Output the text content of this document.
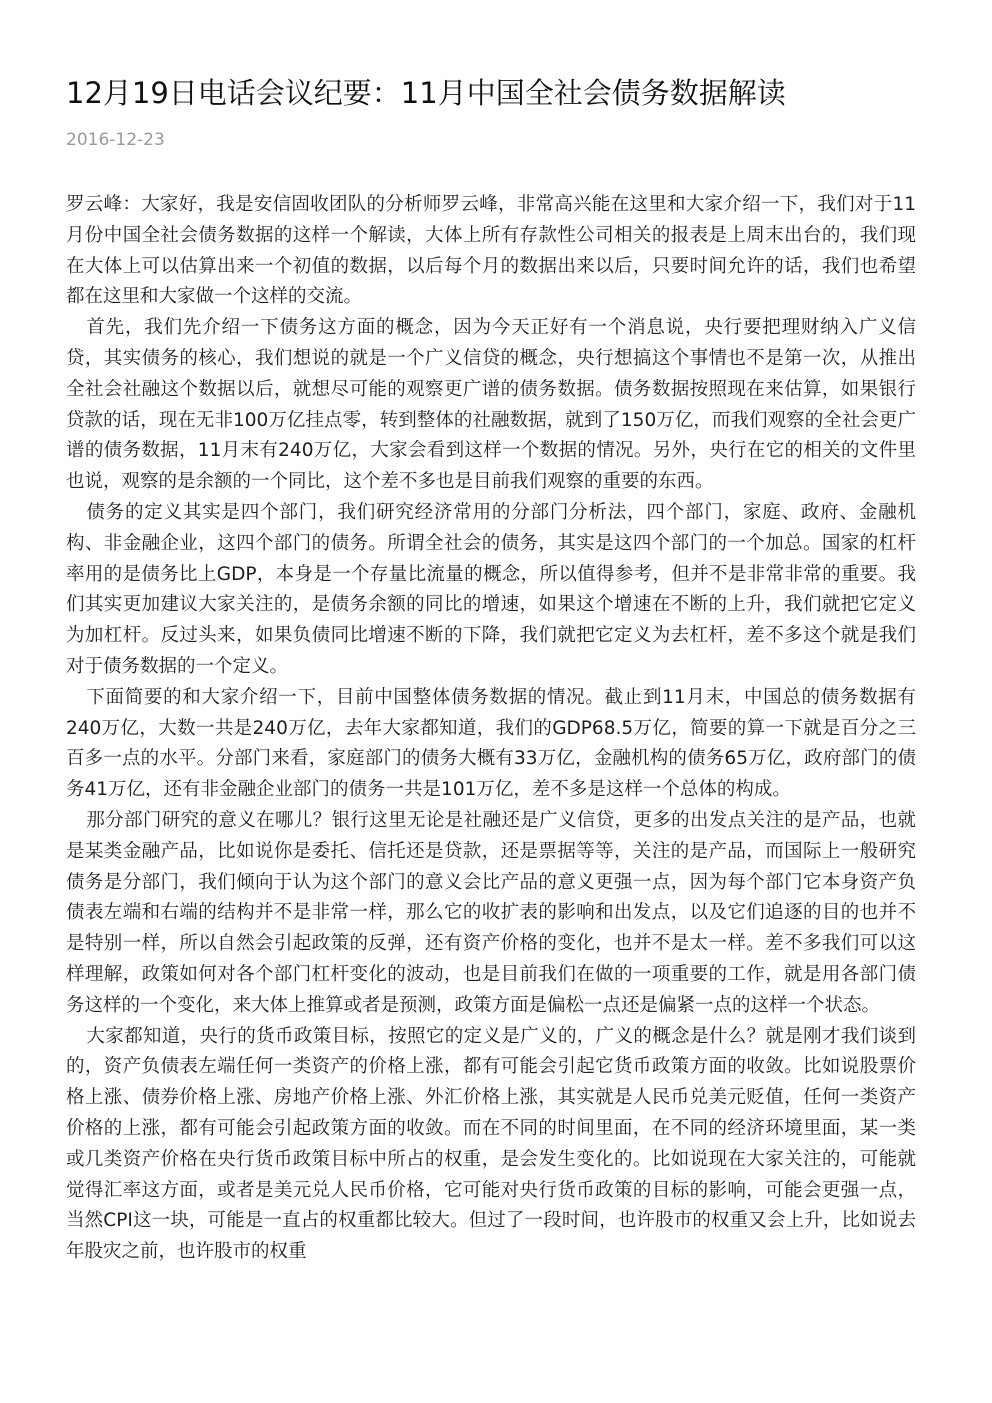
12月19日电话会议纪要：11月中国全社会债务数据解读
2016-12-23

罗云峰：大家好，我是安信固收团队的分析师罗云峰，非常高兴能在这里和大家介绍一下，我们对于11月份中国全社会债务数据的这样一个解读，大体上所有存款性公司相关的报表是上周末出台的，我们现在大体上可以估算出来一个初值的数据，以后每个月的数据出来以后，只要时间允许的话，我们也希望都在这里和大家做一个这样的交流。

首先，我们先介绍一下债务这方面的概念，因为今天正好有一个消息说，央行要把理财纳入广义信贷，其实债务的核心，我们想说的就是一个广义信贷的概念，央行想搞这个事情也不是第一次，从推出全社会社融这个数据以后，就想尽可能的观察更广谱的债务数据。债务数据按照现在来估算，如果银行贷款的话，现在无非100万亿挂点零，转到整体的社融数据，就到了150万亿，而我们观察的全社会更广谱的债务数据，11月末有240万亿，大家会看到这样一个数据的情况。另外，央行在它的相关的文件里也说，观察的是余额的一个同比，这个差不多也是目前我们观察的重要的东西。

债务的定义其实是四个部门，我们研究经济常用的分部门分析法，四个部门，家庭、政府、金融机构、非金融企业，这四个部门的债务。所谓全社会的债务，其实是这四个部门的一个加总。国家的杠杆率用的是债务比上GDP，本身是一个存量比流量的概念，所以值得参考，但并不是非常非常的重要。我们其实更加建议大家关注的，是债务余额的同比的增速，如果这个增速在不断的上升，我们就把它定义为加杠杆。反过头来，如果负债同比增速不断的下降，我们就把它定义为去杠杆，差不多这个就是我们对于债务数据的一个定义。

下面简要的和大家介绍一下，目前中国整体债务数据的情况。截止到11月末，中国总的债务数据有240万亿，大数一共是240万亿，去年大家都知道，我们的GDP68.5万亿，简要的算一下就是百分之三百多一点的水平。分部门来看，家庭部门的债务大概有33万亿，金融机构的债务65万亿，政府部门的债务41万亿，还有非金融企业部门的债务一共是101万亿，差不多是这样一个总体的构成。

那分部门研究的意义在哪儿？银行这里无论是社融还是广义信贷，更多的出发点关注的是产品，也就是某类金融产品，比如说你是委托、信托还是贷款，还是票据等等，关注的是产品，而国际上一般研究债务是分部门，我们倾向于认为这个部门的意义会比产品的意义更强一点，因为每个部门它本身资产负债表左端和右端的结构并不是非常一样，那么它的收扩表的影响和出发点，以及它们追逐的目的也并不是特别一样，所以自然会引起政策的反弹，还有资产价格的变化，也并不是太一样。差不多我们可以这样理解，政策如何对各个部门杠杆变化的波动，也是目前我们在做的一项重要的工作，就是用各部门债务这样的一个变化，来大体上推算或者是预测，政策方面是偏松一点还是偏紧一点的这样一个状态。

大家都知道，央行的货币政策目标，按照它的定义是广义的，广义的概念是什么？就是刚才我们谈到的，资产负债表左端任何一类资产的价格上涨，都有可能会引起它货币政策方面的收敛。比如说股票价格上涨、债券价格上涨、房地产价格上涨、外汇价格上涨，其实就是人民币兑美元贬值，任何一类资产价格的上涨，都有可能会引起政策方面的收敛。而在不同的时间里面，在不同的经济环境里面，某一类或几类资产价格在央行货币政策目标中所占的权重，是会发生变化的。比如说现在大家关注的，可能就觉得汇率这方面，或者是美元兑人民币价格，它可能对央行货币政策的目标的影响，可能会更强一点，当然CPI这一块，可能是一直占的权重都比较大。但过了一段时间，也许股市的权重又会上升，比如说去年股灾之前，也许股市的权重
